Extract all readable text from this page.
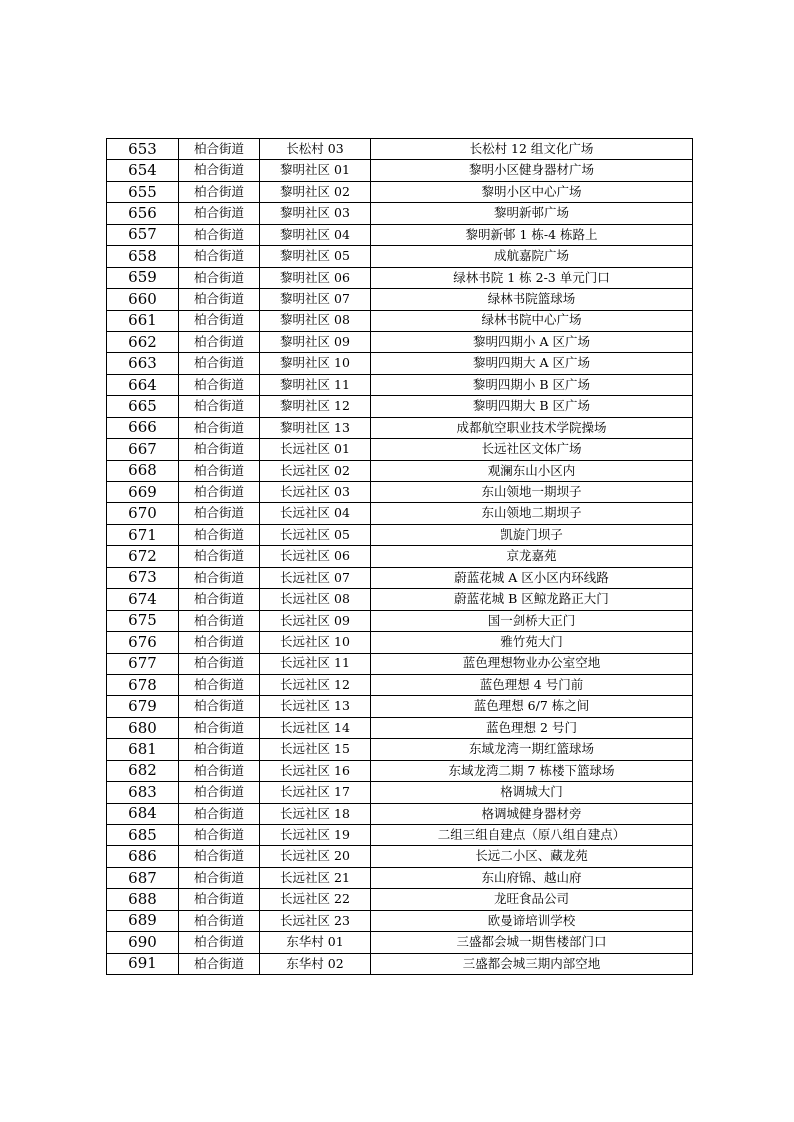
653	柏合街道	长松村 03	长松村 12 组文化广场
654	柏合街道	黎明社区 01	黎明小区健身器材广场
655	柏合街道	黎明社区 02	黎明小区中心广场
656	柏合街道	黎明社区 03	黎明新邨广场
657	柏合街道	黎明社区 04	黎明新邨 1 栋-4 栋路上
658	柏合街道	黎明社区 05	成航嘉院广场
659	柏合街道	黎明社区 06	绿林书院 1 栋 2-3 单元门口
660	柏合街道	黎明社区 07	绿林书院篮球场
661	柏合街道	黎明社区 08	绿林书院中心广场
662	柏合街道	黎明社区 09	黎明四期小 A 区广场
663	柏合街道	黎明社区 10	黎明四期大 A 区广场
664	柏合街道	黎明社区 11	黎明四期小 B 区广场
665	柏合街道	黎明社区 12	黎明四期大 B 区广场
666	柏合街道	黎明社区 13	成都航空职业技术学院操场
667	柏合街道	长远社区 01	长远社区文体广场
668	柏合街道	长远社区 02	观澜东山小区内
669	柏合街道	长远社区 03	东山领地一期坝子
670	柏合街道	长远社区 04	东山领地二期坝子
671	柏合街道	长远社区 05	凯旋门坝子
672	柏合街道	长远社区 06	京龙嘉苑
673	柏合街道	长远社区 07	蔚蓝花城 A 区小区内环线路
674	柏合街道	长远社区 08	蔚蓝花城 B 区鲸龙路正大门
675	柏合街道	长远社区 09	国一剑桥大正门
676	柏合街道	长远社区 10	雅竹苑大门
677	柏合街道	长远社区 11	蓝色理想物业办公室空地
678	柏合街道	长远社区 12	蓝色理想 4 号门前
679	柏合街道	长远社区 13	蓝色理想 6/7 栋之间
680	柏合街道	长远社区 14	蓝色理想 2 号门
681	柏合街道	长远社区 15	东域龙湾一期红篮球场
682	柏合街道	长远社区 16	东域龙湾二期 7 栋楼下篮球场
683	柏合街道	长远社区 17	格调城大门
684	柏合街道	长远社区 18	格调城健身器材旁
685	柏合街道	长远社区 19	二组三组自建点（原八组自建点）
686	柏合街道	长远社区 20	长远二小区、藏龙苑
687	柏合街道	长远社区 21	东山府锦、越山府
688	柏合街道	长远社区 22	龙旺食品公司
689	柏合街道	长远社区 23	欧曼谛培训学校
690	柏合街道	东华村 01	三盛都会城一期售楼部门口
691	柏合街道	东华村 02	三盛都会城三期内部空地
